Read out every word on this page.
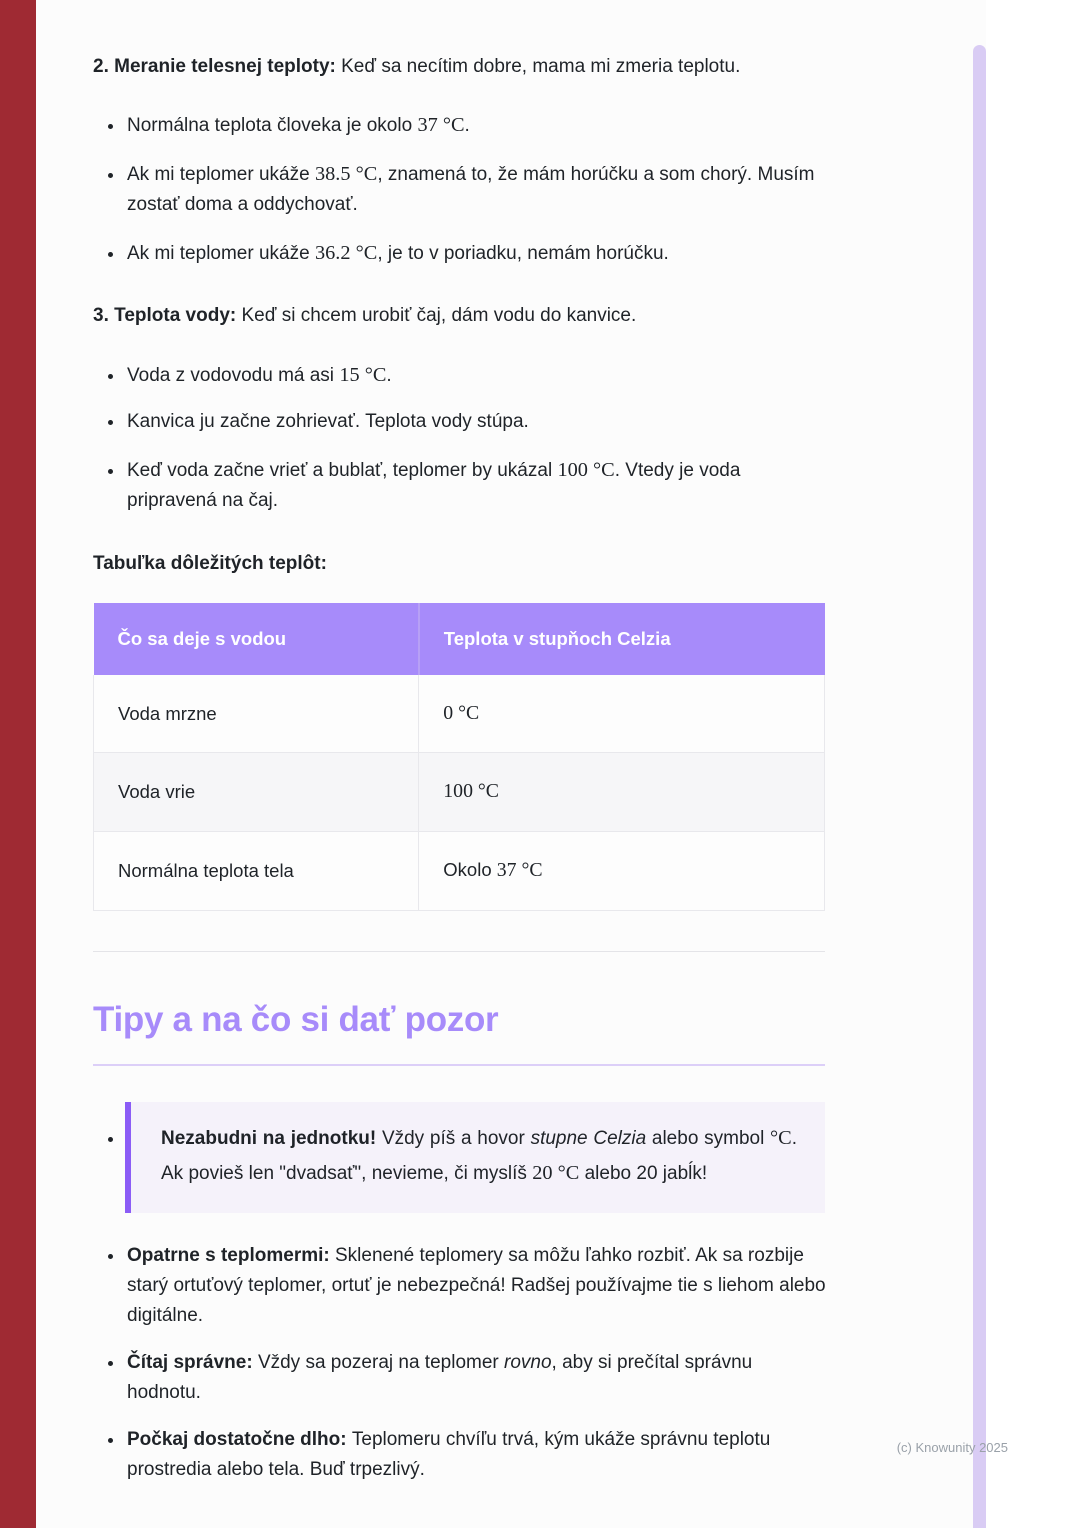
2. Meranie telesnej teploty: Keď sa necítim dobre, mama mi zmeria teplotu.

• Normálna teplota človeka je okolo 37 °C.
• Ak mi teplomer ukáže 38.5 °C, znamená to, že mám horúčku a som chorý. Musím zostať doma a oddychovať.
• Ak mi teplomer ukáže 36.2 °C, je to v poriadku, nemám horúčku.

3. Teplota vody: Keď si chcem urobiť čaj, dám vodu do kanvice.

• Voda z vodovodu má asi 15 °C.
• Kanvica ju začne zohrievať. Teplota vody stúpa.
• Keď voda začne vrieť a bublať, teplomer by ukázal 100 °C. Vtedy je voda pripravená na čaj.

Tabuľka dôležitých teplôt:

Čo sa deje s vodou	Teplota v stupňoch Celzia
Voda mrzne	0 °C
Voda vrie	100 °C
Normálna teplota tela	Okolo 37 °C
Tipy a na čo si dať pozor
• Nezabudni na jednotku! Vždy píš a hovor stupne Celzia alebo symbol °C. Ak povieš len "dvadsať", nevieme, či myslíš 20 °C alebo 20 jabĺk!
• Opatrne s teplomermi: Sklenené teplomery sa môžu ľahko rozbiť. Ak sa rozbije starý ortuťový teplomer, ortuť je nebezpečná! Radšej používajme tie s liehom alebo digitálne.
• Čítaj správne: Vždy sa pozeraj na teplomer rovno, aby si prečítal správnu hodnotu.
• Počkaj dostatočne dlho: Teplomeru chvíľu trvá, kým ukáže správnu teplotu prostredia alebo tela. Buď trpezlivý.
(c) Knowunity 2025
